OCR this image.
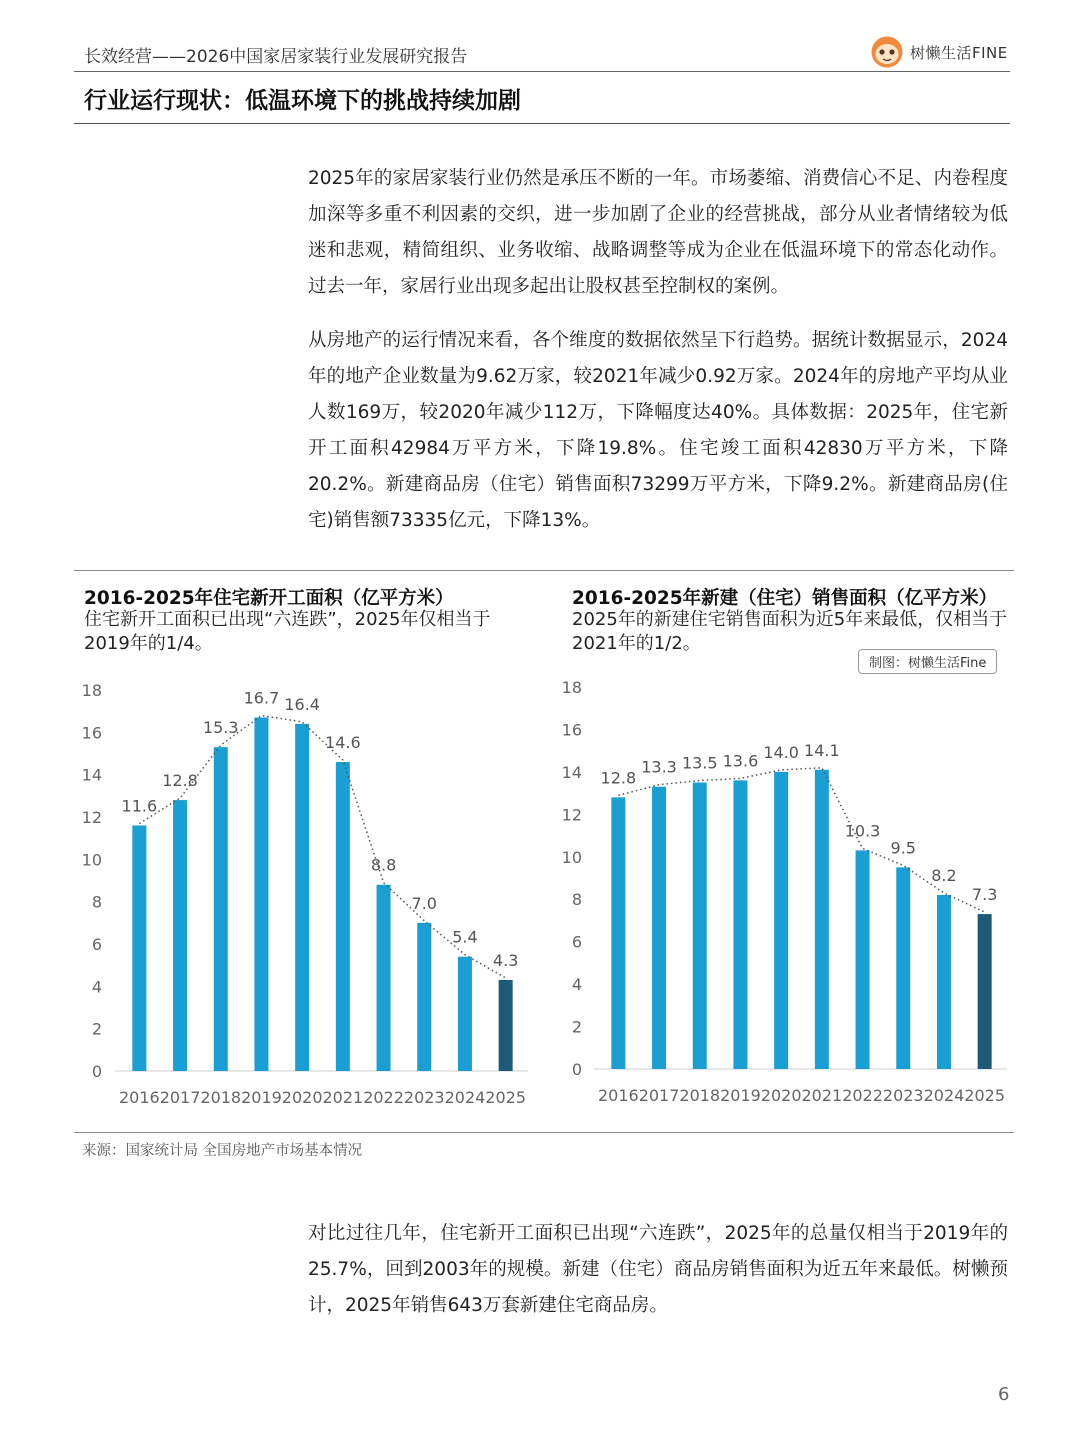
长效经营——2026中国家居家装行业发展研究报告	树懒生活FINE
行业运行现状：低温环境下的挑战持续加剧
2025年的家居家装行业仍然是承压不断的一年。市场萎缩、消费信心不足、内卷程度加深等多重不利因素的交织，进一步加剧了企业的经营挑战，部分从业者情绪较为低迷和悲观，精简组织、业务收缩、战略调整等成为企业在低温环境下的常态化动作。过去一年，家居行业出现多起出让股权甚至控制权的案例。
从房地产的运行情况来看，各个维度的数据依然呈下行趋势。据统计数据显示，2024年的地产企业数量为9.62万家，较2021年减少0.92万家。2024年的房地产平均从业人数169万，较2020年减少112万，下降幅度达40%。具体数据：2025年，住宅新开工面积42984万平方米，下降19.8%。住宅竣工面积42830万平方米，下降20.2%。新建商品房（住宅）销售面积73299万平方米，下降9.2%。新建商品房(住宅)销售额73335亿元，下降13%。
2016-2025年住宅新开工面积（亿平方米）
住宅新开工面积已出现“六连跌”，2025年仅相当于2019年的1/4。
2016-2025年新建（住宅）销售面积（亿平方米）
2025年的新建住宅销售面积为近5年来最低，仅相当于2021年的1/2。
制图：树懒生活Fine
0
2
4
6
8
10
12
14
16
18
11.6
2016
12.8
2017
15.3
2018
16.7
2019
16.4
2020
14.6
2021
8.8
2022
7.0
2023
5.4
2024
4.3
2025
0
2
4
6
8
10
12
14
16
18
12.8
2016
13.3
2017
13.5
2018
13.6
2019
14.0
2020
14.1
2021
10.3
2022
9.5
2023
8.2
2024
7.3
2025
来源：国家统计局 全国房地产市场基本情况
对比过往几年，住宅新开工面积已出现“六连跌”，2025年的总量仅相当于2019年的25.7%，回到2003年的规模。新建（住宅）商品房销售面积为近五年来最低。树懒预计，2025年销售643万套新建住宅商品房。
6
